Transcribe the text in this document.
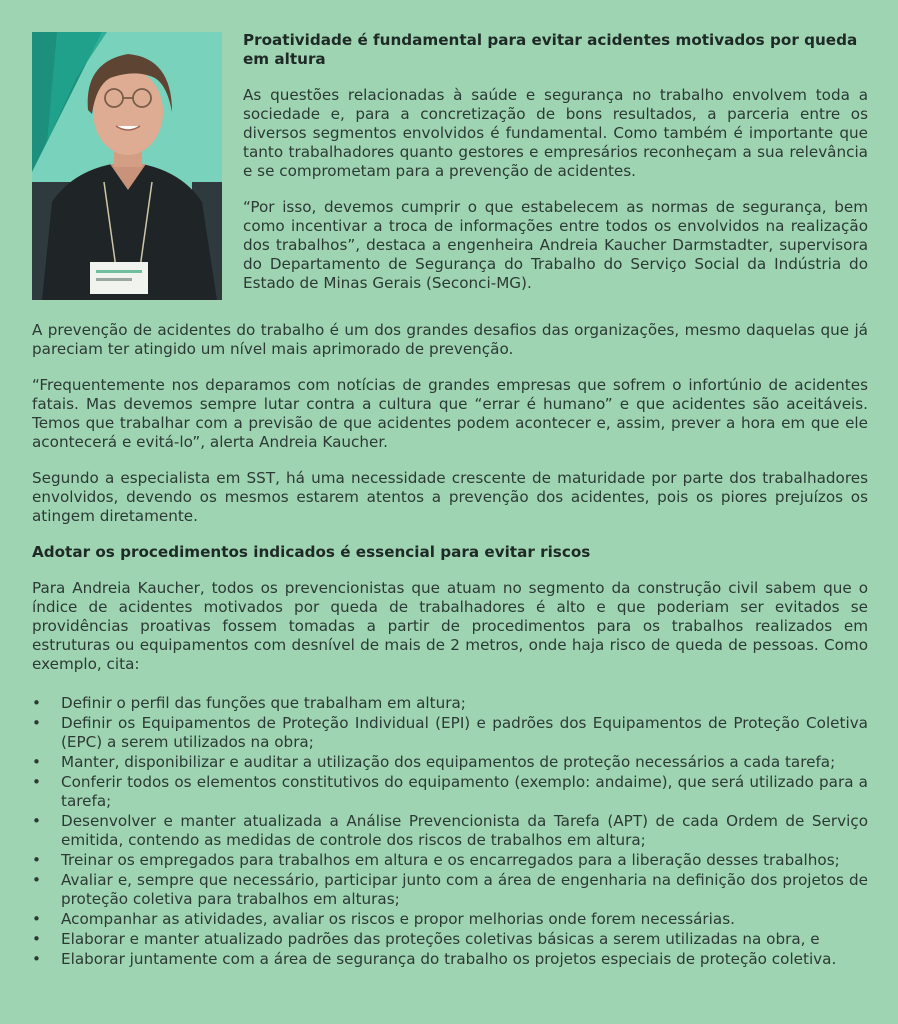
Proatividade é fundamental para evitar acidentes motivados por queda em altura

As questões relacionadas à saúde e segurança no trabalho envolvem toda a sociedade e, para a concretização de bons resultados, a parceria entre os diversos segmentos envolvidos é fundamental. Como também é importante que tanto trabalhadores quanto gestores e empresários reconheçam a sua relevância e se comprometam para a prevenção de acidentes.

“Por isso, devemos cumprir o que estabelecem as normas de segurança, bem como incentivar a troca de informações entre todos os envolvidos na realização dos trabalhos”, destaca a engenheira Andreia Kaucher Darmstadter, supervisora do Departamento de Segurança do Trabalho do Serviço Social da Indústria do Estado de Minas Gerais (Seconci-MG).

A prevenção de acidentes do trabalho é um dos grandes desafios das organizações, mesmo daquelas que já pareciam ter atingido um nível mais aprimorado de prevenção.

“Frequentemente nos deparamos com notícias de grandes empresas que sofrem o infortúnio de acidentes fatais. Mas devemos sempre lutar contra a cultura que “errar é humano” e que acidentes são aceitáveis. Temos que trabalhar com a previsão de que acidentes podem acontecer e, assim, prever a hora em que ele acontecerá e evitá-lo”, alerta Andreia Kaucher.

Segundo a especialista em SST, há uma necessidade crescente de maturidade por parte dos trabalhadores envolvidos, devendo os mesmos estarem atentos a prevenção dos acidentes, pois os piores prejuízos os atingem diretamente.

Adotar os procedimentos indicados é essencial para evitar riscos

Para Andreia Kaucher, todos os prevencionistas que atuam no segmento da construção civil sabem que o índice de acidentes motivados por queda de trabalhadores é alto e que poderiam ser evitados se providências proativas fossem tomadas a partir de procedimentos para os trabalhos realizados em estruturas ou equipamentos com desnível de mais de 2 metros, onde haja risco de queda de pessoas. Como exemplo, cita:

• Definir o perfil das funções que trabalham em altura;
• Definir os Equipamentos de Proteção Individual (EPI) e padrões dos Equipamentos de Proteção Coletiva (EPC) a serem utilizados na obra;
• Manter, disponibilizar e auditar a utilização dos equipamentos de proteção necessários a cada tarefa;
• Conferir todos os elementos constitutivos do equipamento (exemplo: andaime), que será utilizado para a tarefa;
• Desenvolver e manter atualizada a Análise Prevencionista da Tarefa (APT) de cada Ordem de Serviço emitida, contendo as medidas de controle dos riscos de trabalhos em altura;
• Treinar os empregados para trabalhos em altura e os encarregados para a liberação desses trabalhos;
• Avaliar e, sempre que necessário, participar junto com a área de engenharia na definição dos projetos de proteção coletiva para trabalhos em alturas;
• Acompanhar as atividades, avaliar os riscos e propor melhorias onde forem necessárias.
• Elaborar e manter atualizado padrões das proteções coletivas básicas a serem utilizadas na obra, e
• Elaborar juntamente com a área de segurança do trabalho os projetos especiais de proteção coletiva.
